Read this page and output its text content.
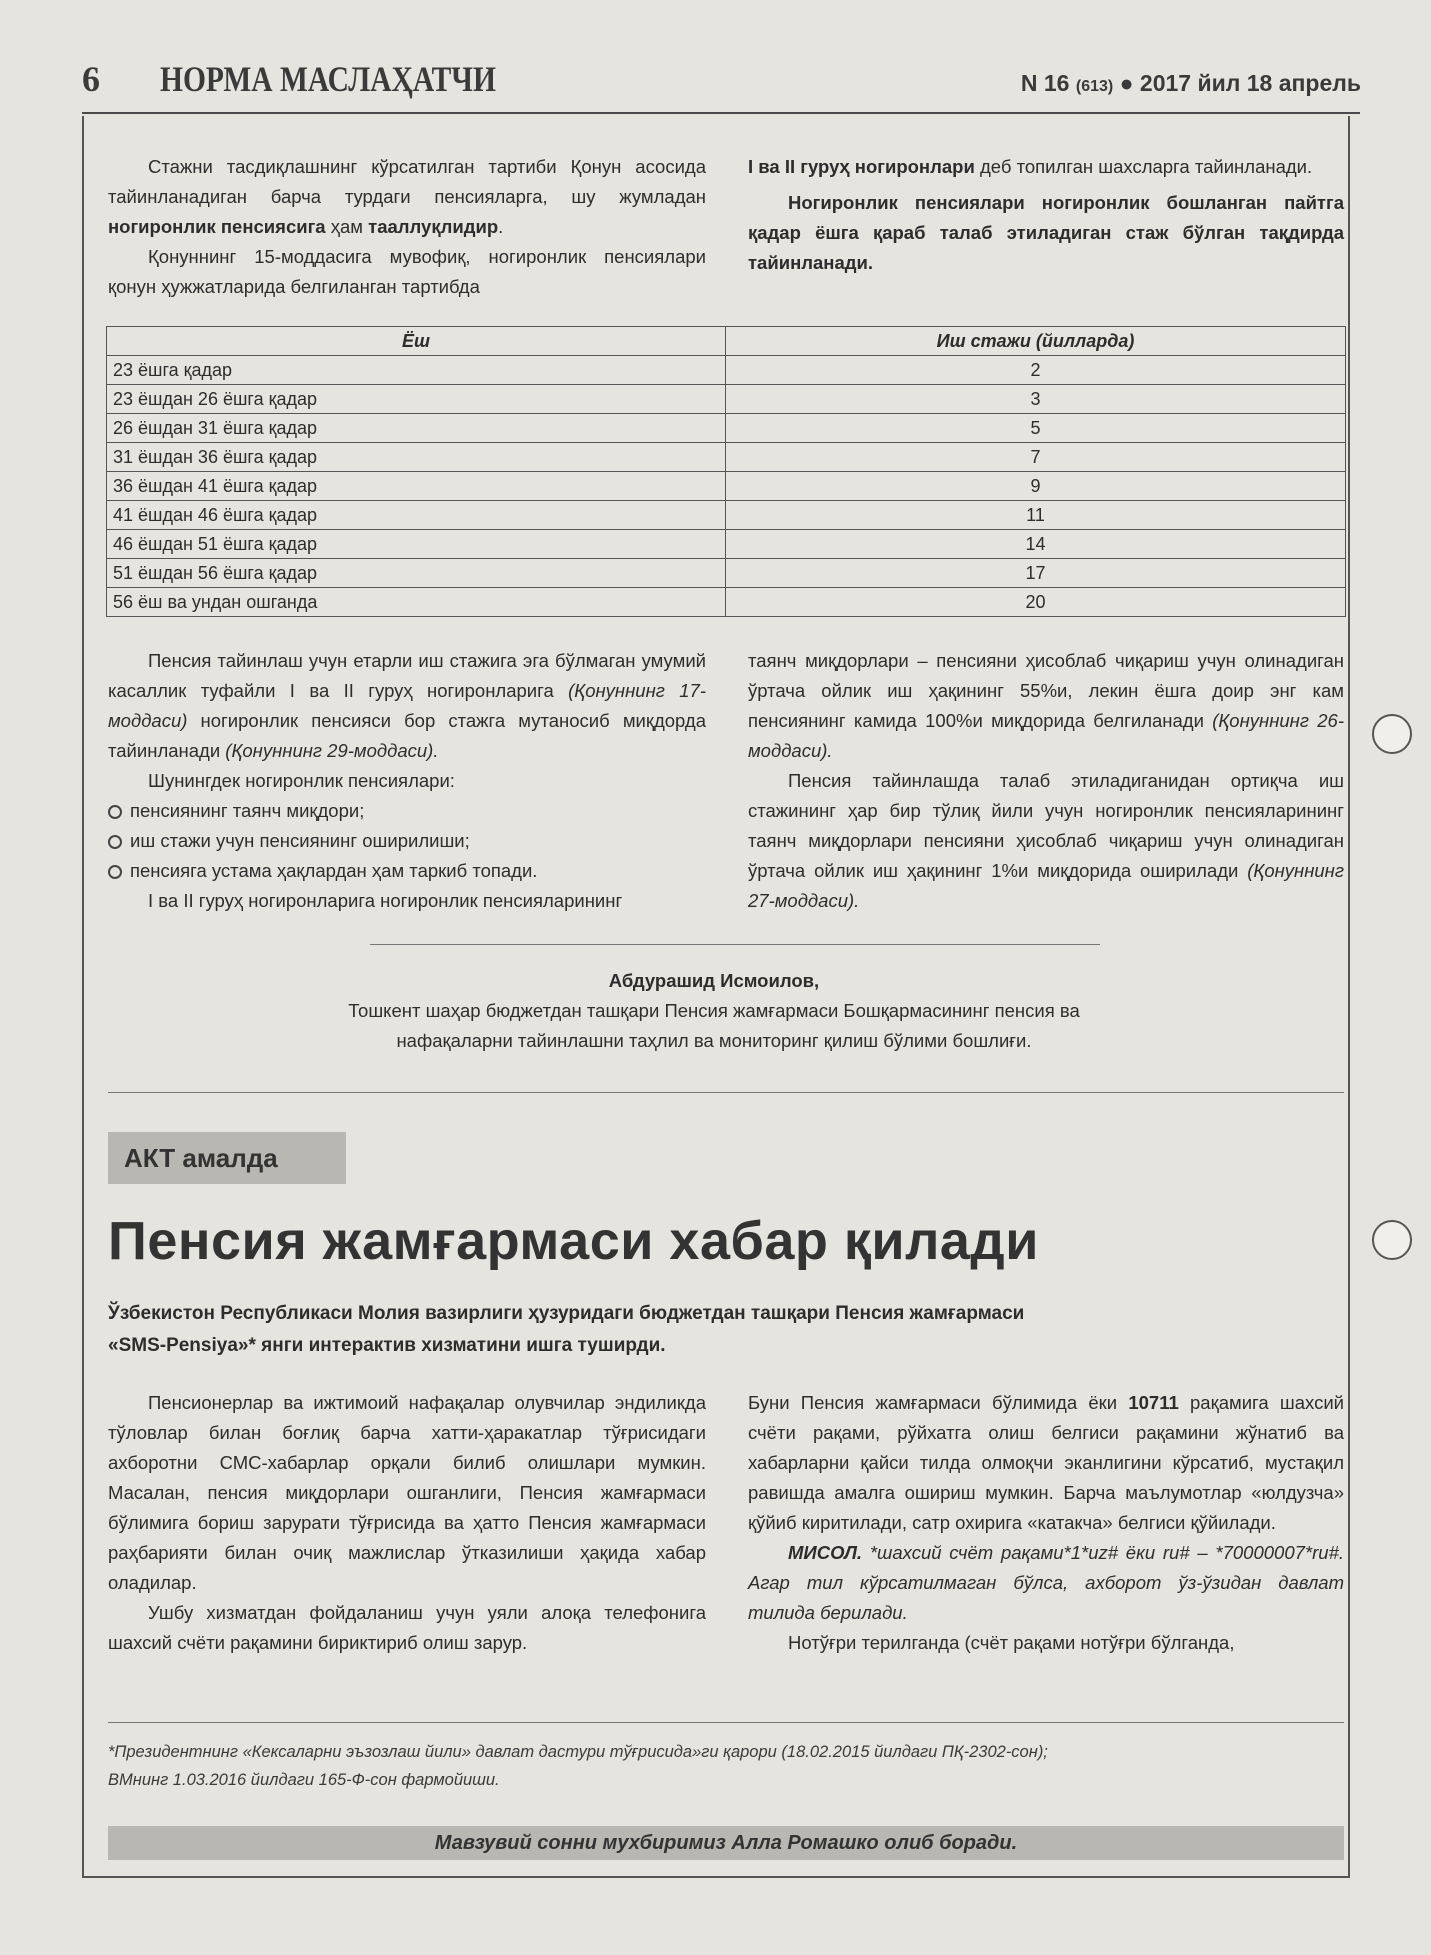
6 НОРМА МАСЛАҲАТЧИ	N 16 (613) ● 2017 йил 18 апрель

Стажни тасдиқлашнинг кўрсатилган тартиби Қонун асосида тайинланадиган барча турдаги пенсияларга, шу жумладан ногиронлик пенсиясига ҳам тааллуқлидир.

Қонуннинг 15-моддасига мувофиқ, ногиронлик пенсиялари қонун ҳужжатларида белгиланган тартибда

I ва II гуруҳ ногиронлари деб топилган шахсларга тайинланади.

Ногиронлик пенсиялари ногиронлик бошланган пайтга қадар ёшга қараб талаб этиладиган стаж бўлган тақдирда тайинланади.

Ёш	Иш стажи (йилларда)
23 ёшга қадар	2
23 ёшдан 26 ёшга қадар	3
26 ёшдан 31 ёшга қадар	5
31 ёшдан 36 ёшга қадар	7
36 ёшдан 41 ёшга қадар	9
41 ёшдан 46 ёшга қадар	11
46 ёшдан 51 ёшга қадар	14
51 ёшдан 56 ёшга қадар	17
56 ёш ва ундан ошганда	20

Пенсия тайинлаш учун етарли иш стажига эга бўлмаган умумий касаллик туфайли I ва II гуруҳ ногиронларига (Қонуннинг 17-моддаси) ногиронлик пенсияси бор стажга мутаносиб миқдорда тайинланади (Қонуннинг 29-моддаси).

Шунингдек ногиронлик пенсиялари:

пенсиянинг таянч миқдори;

иш стажи учун пенсиянинг оширилиши;

пенсияга устама ҳақлардан ҳам таркиб топади.

I ва II гуруҳ ногиронларига ногиронлик пенсияларининг

таянч миқдорлари – пенсияни ҳисоблаб чиқариш учун олинадиган ўртача ойлик иш ҳақининг 55%и, лекин ёшга доир энг кам пенсиянинг камида 100%и миқдорида белгиланади (Қонуннинг 26-моддаси).

Пенсия тайинлашда талаб этиладиганидан ортиқча иш стажининг ҳар бир тўлиқ йили учун ногиронлик пенсияларининг таянч миқдорлари пенсияни ҳисоблаб чиқариш учун олинадиган ўртача ойлик иш ҳақининг 1%и миқдорида оширилади (Қонуннинг 27-моддаси).

Абдурашид Исмоилов,
Тошкент шаҳар бюджетдан ташқари Пенсия жамғармаси Бошқармасининг пенсия ва
нафақаларни тайинлашни таҳлил ва мониторинг қилиш бўлими бошлиғи.
АКТ амалда
Пенсия жамғармаси хабар қилади
Ўзбекистон Республикаси Молия вазирлиги ҳузуридаги бюджетдан ташқари Пенсия жамғармаси
«SMS-Pensiya»* янги интерактив хизматини ишга туширди.

Пенсионерлар ва ижтимоий нафақалар олувчилар эндиликда тўловлар билан боғлиқ барча хатти-ҳаракатлар тўғрисидаги ахборотни СМС-хабарлар орқали билиб олишлари мумкин. Масалан, пенсия миқдорлари ошганлиги, Пенсия жамғармаси бўлимига бориш зарурати тўғрисида ва ҳатто Пенсия жамғармаси раҳбарияти билан очиқ мажлислар ўтказилиши ҳақида хабар оладилар.

Ушбу хизматдан фойдаланиш учун уяли алоқа телефонига шахсий счёти рақамини бириктириб олиш зарур.

Буни Пенсия жамғармаси бўлимида ёки 10711 рақамига шахсий счёти рақами, рўйхатга олиш белгиси рақамини жўнатиб ва хабарларни қайси тилда олмоқчи эканлигини кўрсатиб, мустақил равишда амалга ошириш мумкин. Барча маълумотлар «юлдузча» қўйиб киритилади, сатр охирига «катакча» белгиси қўйилади.

МИСОЛ. *шахсий счёт рақами*1*uz# ёки ru# – *70000007*ru#. Агар тил кўрсатилмаган бўлса, ахборот ўз-ўзидан давлат тилида берилади.

Нотўғри терилганда (счёт рақами нотўғри бўлганда,

*Президентнинг «Кексаларни эъзозлаш йили» давлат дастури тўғрисида»ги қарори (18.02.2015 йилдаги ПҚ-2302-сон);
ВМнинг 1.03.2016 йилдаги 165-Ф-сон фармойиши.
Мавзувий сонни мухбиримиз Алла Ромашко олиб боради.
